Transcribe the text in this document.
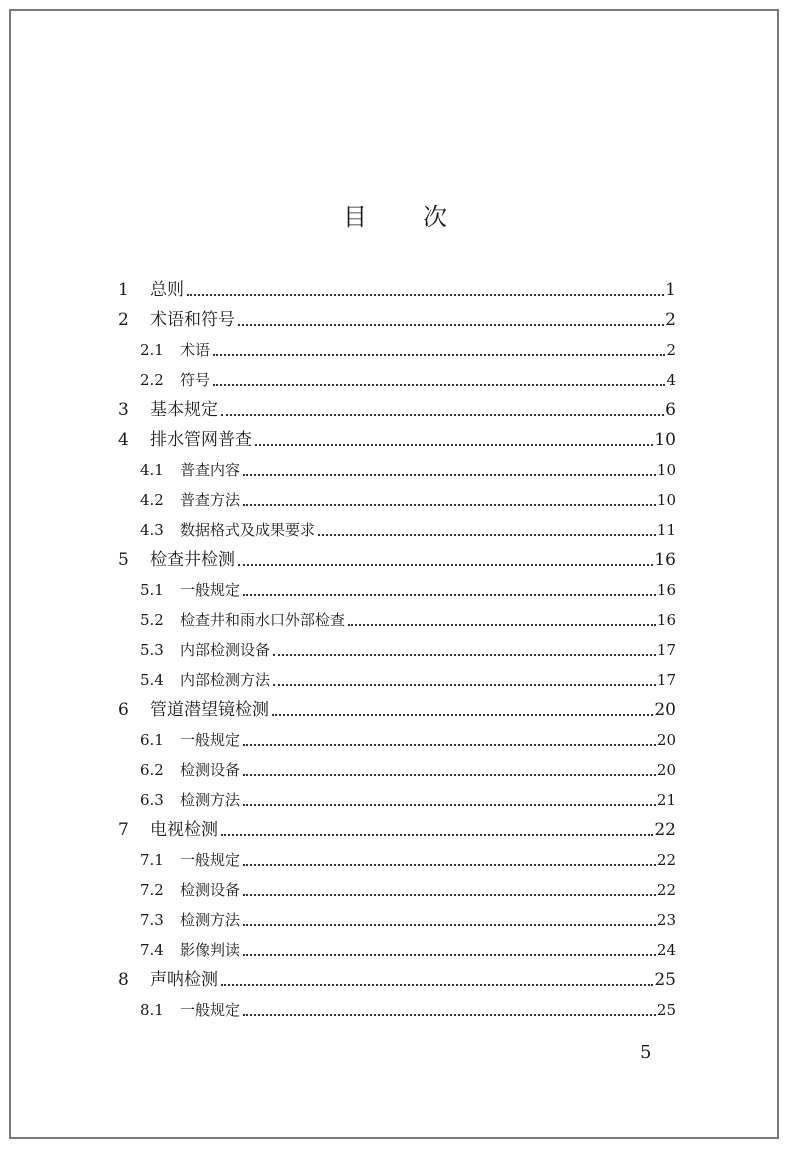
目 次
1	总则	1
2	术语和符号	2
2.1	术语	2
2.2	符号	4
3	基本规定	6
4	排水管网普查	10
4.1	普查内容	10
4.2	普查方法	10
4.3	数据格式及成果要求	11
5	检查井检测	16
5.1	一般规定	16
5.2	检查井和雨水口外部检查	16
5.3	内部检测设备	17
5.4	内部检测方法	17
6	管道潜望镜检测	20
6.1	一般规定	20
6.2	检测设备	20
6.3	检测方法	21
7	电视检测	22
7.1	一般规定	22
7.2	检测设备	22
7.3	检测方法	23
7.4	影像判读	24
8	声呐检测	25
8.1	一般规定	25
5
